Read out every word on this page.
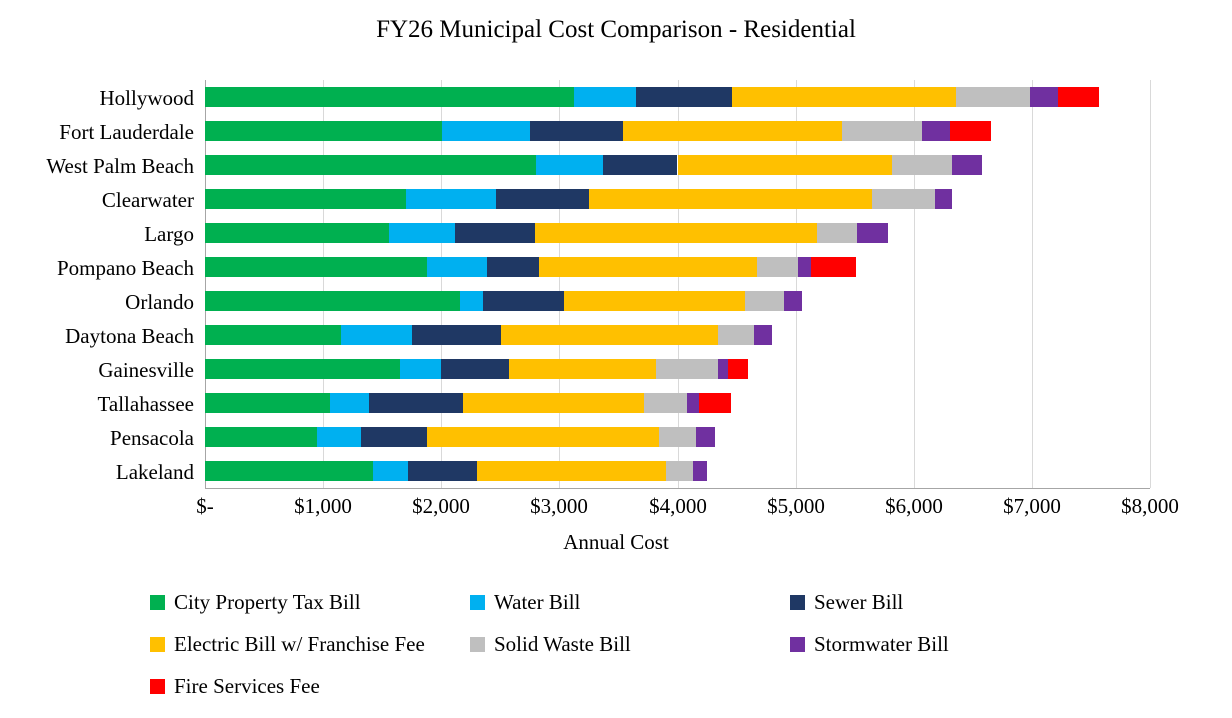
FY26 Municipal Cost Comparison - Residential
Hollywood
Fort Lauderdale
West Palm Beach
Clearwater
Largo
Pompano Beach
Orlando
Daytona Beach
Gainesville
Tallahassee
Pensacola
Lakeland
$-	$1,000	$2,000	$3,000	$4,000	$5,000	$6,000	$7,000	$8,000
Annual Cost
City Property Tax Bill	Water Bill	Sewer Bill
Electric Bill w/ Franchise Fee	Solid Waste Bill	Stormwater Bill
Fire Services Fee
